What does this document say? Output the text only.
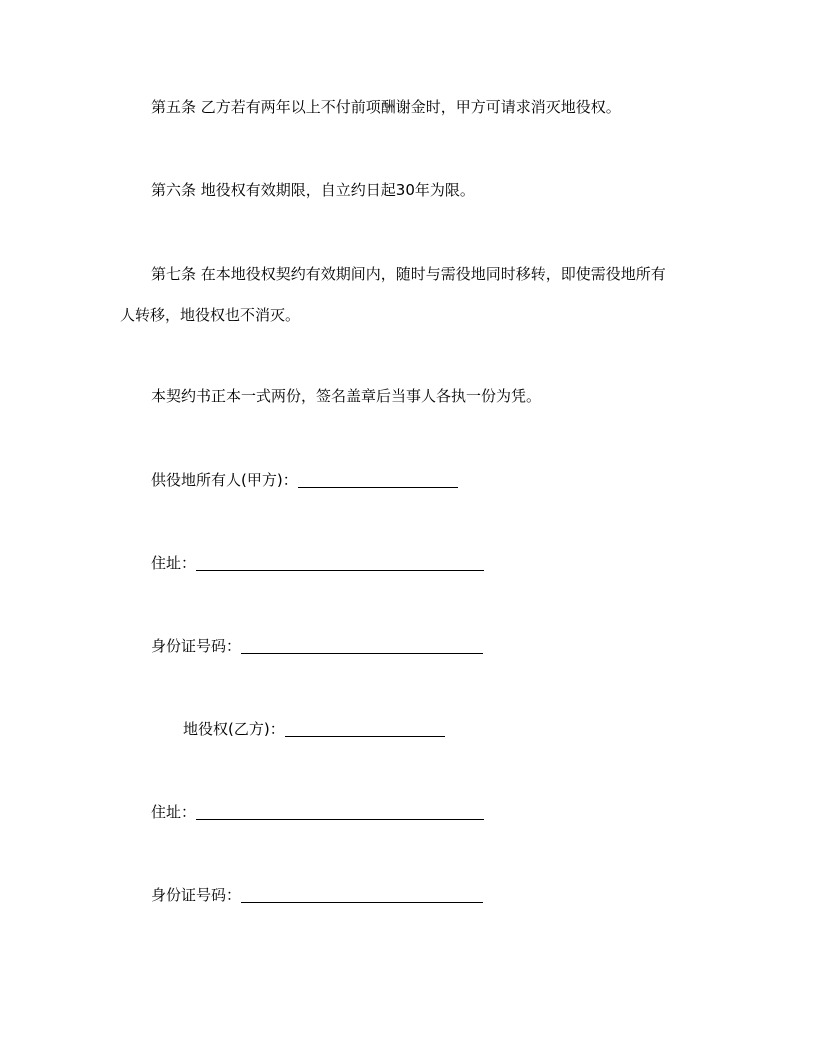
第五条 乙方若有两年以上不付前项酬谢金时，甲方可请求消灭地役权。
第六条 地役权有效期限，自立约日起30年为限。
第七条 在本地役权契约有效期间内，随时与需役地同时移转，即使需役地所有
人转移，地役权也不消灭。
本契约书正本一式两份，签名盖章后当事人各执一份为凭。
供役地所有人(甲方)：
住址：
身份证号码：
地役权(乙方)：
住址：
身份证号码：
